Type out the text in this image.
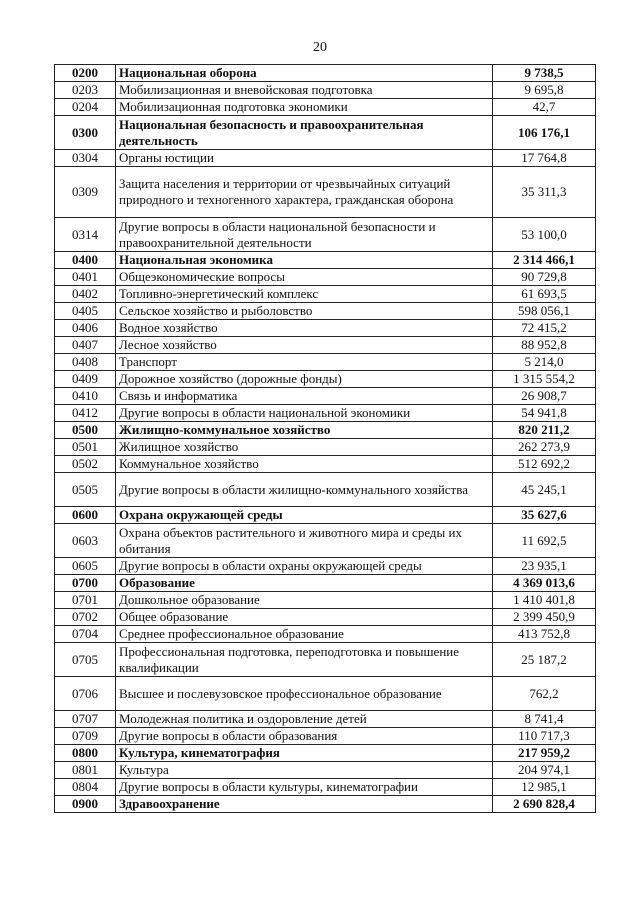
20
0200	Национальная оборона	9 738,5
0203	Мобилизационная и вневойсковая подготовка	9 695,8
0204	Мобилизационная подготовка экономики	42,7
0300	Национальная безопасность и правоохранительная деятельность	106 176,1
0304	Органы юстиции	17 764,8
0309	Защита населения и территории от чрезвычайных ситуаций природного и техногенного характера, гражданская оборона	35 311,3
0314	Другие вопросы в области национальной безопасности и правоохранительной деятельности	53 100,0
0400	Национальная экономика	2 314 466,1
0401	Общеэкономические вопросы	90 729,8
0402	Топливно-энергетический комплекс	61 693,5
0405	Сельское хозяйство и рыболовство	598 056,1
0406	Водное хозяйство	72 415,2
0407	Лесное хозяйство	88 952,8
0408	Транспорт	5 214,0
0409	Дорожное хозяйство (дорожные фонды)	1 315 554,2
0410	Связь и информатика	26 908,7
0412	Другие вопросы в области национальной экономики	54 941,8
0500	Жилищно-коммунальное хозяйство	820 211,2
0501	Жилищное хозяйство	262 273,9
0502	Коммунальное хозяйство	512 692,2
0505	Другие вопросы в области жилищно-коммунального хозяйства	45 245,1
0600	Охрана окружающей среды	35 627,6
0603	Охрана объектов растительного и животного мира и среды их обитания	11 692,5
0605	Другие вопросы в области охраны окружающей среды	23 935,1
0700	Образование	4 369 013,6
0701	Дошкольное образование	1 410 401,8
0702	Общее образование	2 399 450,9
0704	Среднее профессиональное образование	413 752,8
0705	Профессиональная подготовка, переподготовка и повышение квалификации	25 187,2
0706	Высшее и послевузовское профессиональное образование	762,2
0707	Молодежная политика и оздоровление детей	8 741,4
0709	Другие вопросы в области образования	110 717,3
0800	Культура, кинематография	217 959,2
0801	Культура	204 974,1
0804	Другие вопросы в области культуры, кинематографии	12 985,1
0900	Здравоохранение	2 690 828,4
